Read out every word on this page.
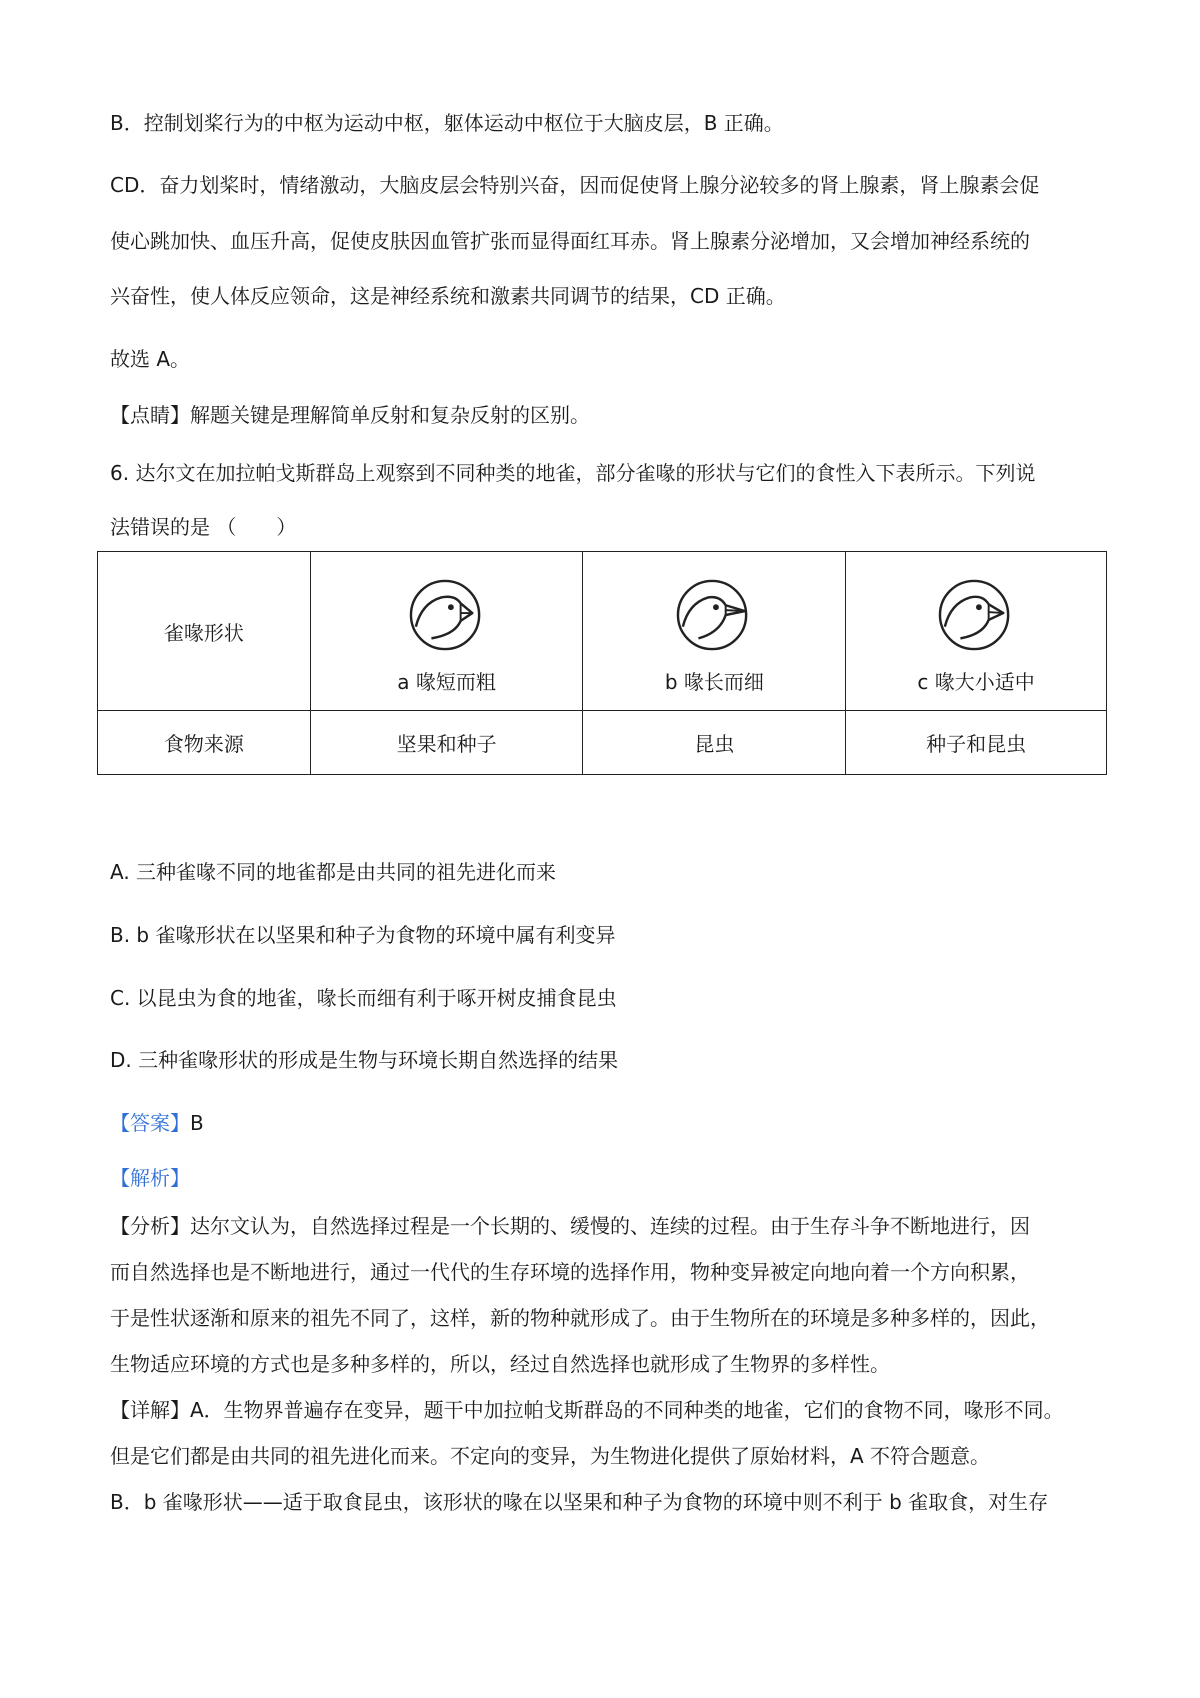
B．控制划桨行为的中枢为运动中枢，躯体运动中枢位于大脑皮层，B 正确。
CD．奋力划桨时，情绪激动，大脑皮层会特别兴奋，因而促使肾上腺分泌较多的肾上腺素，肾上腺素会促
使心跳加快、血压升高，促使皮肤因血管扩张而显得面红耳赤。肾上腺素分泌增加，又会增加神经系统的
兴奋性，使人体反应领命，这是神经系统和激素共同调节的结果，CD 正确。
故选 A。
【点睛】解题关键是理解简单反射和复杂反射的区别。
6. 达尔文在加拉帕戈斯群岛上观察到不同种类的地雀，部分雀喙的形状与它们的食性入下表所示。下列说
法错误的是 （　　）
雀喙形状	a 喙短而粗	b 喙长而细	c 喙大小适中

食物来源	坚果和种子	昆虫	种子和昆虫
A. 三种雀喙不同的地雀都是由共同的祖先进化而来
B. b 雀喙形状在以坚果和种子为食物的环境中属有利变异
C. 以昆虫为食的地雀，喙长而细有利于啄开树皮捕食昆虫
D. 三种雀喙形状的形成是生物与环境长期自然选择的结果
【答案】B
【解析】
【分析】达尔文认为，自然选择过程是一个长期的、缓慢的、连续的过程。由于生存斗争不断地进行，因
而自然选择也是不断地进行，通过一代代的生存环境的选择作用，物种变异被定向地向着一个方向积累，
于是性状逐渐和原来的祖先不同了，这样，新的物种就形成了。由于生物所在的环境是多种多样的，因此，
生物适应环境的方式也是多种多样的，所以，经过自然选择也就形成了生物界的多样性。
【详解】A．生物界普遍存在变异，题干中加拉帕戈斯群岛的不同种类的地雀，它们的食物不同，喙形不同。
但是它们都是由共同的祖先进化而来。不定向的变异，为生物进化提供了原始材料，A 不符合题意。
B．b 雀喙形状——适于取食昆虫，该形状的喙在以坚果和种子为食物的环境中则不利于 b 雀取食，对生存
